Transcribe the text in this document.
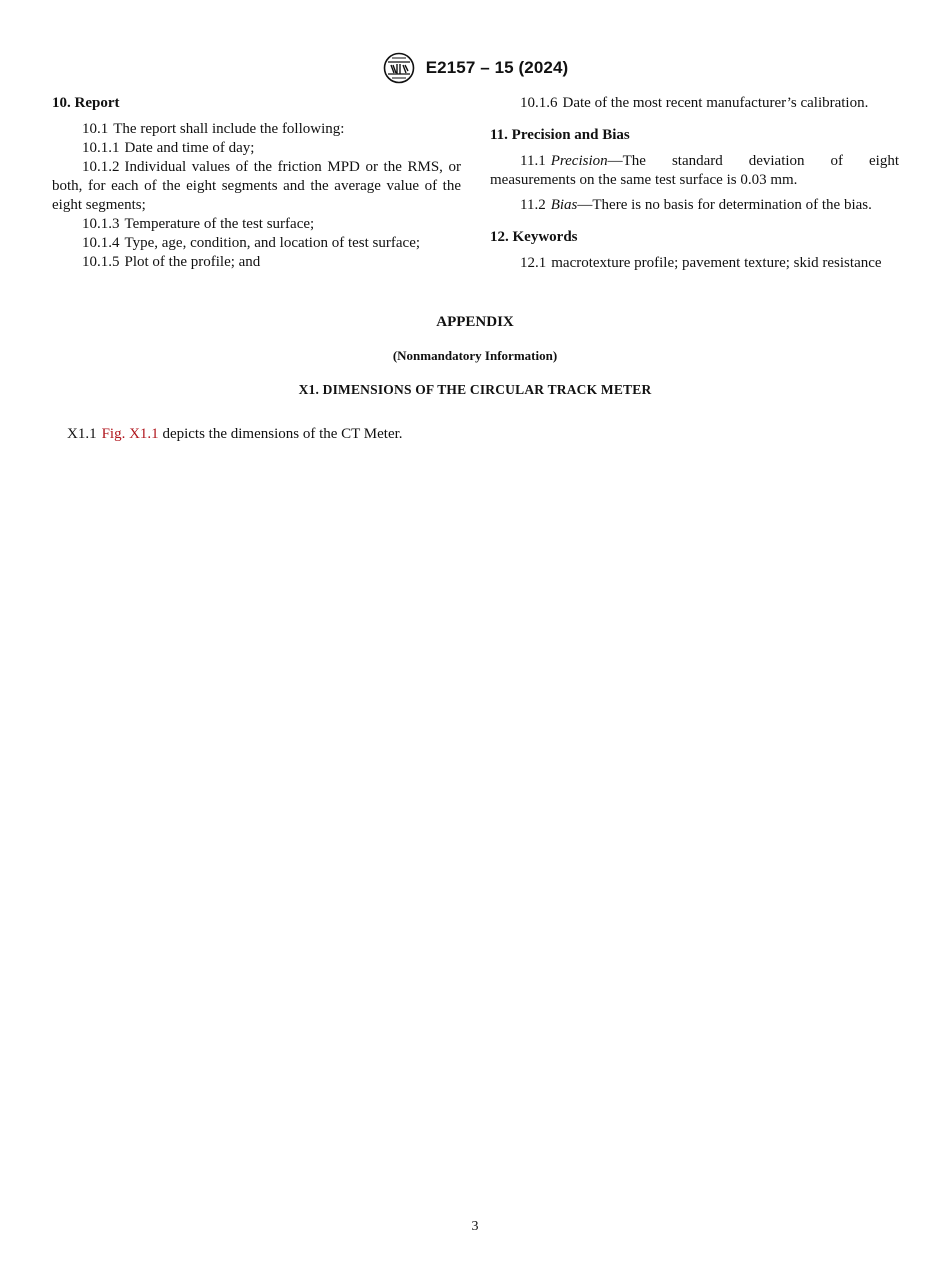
E2157 – 15 (2024)
10. Report

10.1 The report shall include the following:

10.1.1 Date and time of day;

10.1.2 Individual values of the friction MPD or the RMS, or both, for each of the eight segments and the average value of the eight segments;

10.1.3 Temperature of the test surface;

10.1.4 Type, age, condition, and location of test surface;

10.1.5 Plot of the profile; and

10.1.6 Date of the most recent manufacturer’s calibration.

11. Precision and Bias

11.1 Precision—The standard deviation of eight measurements on the same test surface is 0.03 mm.

11.2 Bias—There is no basis for determination of the bias.

12. Keywords

12.1 macrotexture profile; pavement texture; skid resistance

APPENDIX

(Nonmandatory Information)

X1. DIMENSIONS OF THE CIRCULAR TRACK METER

X1.1 Fig. X1.1 depicts the dimensions of the CT Meter.
3
